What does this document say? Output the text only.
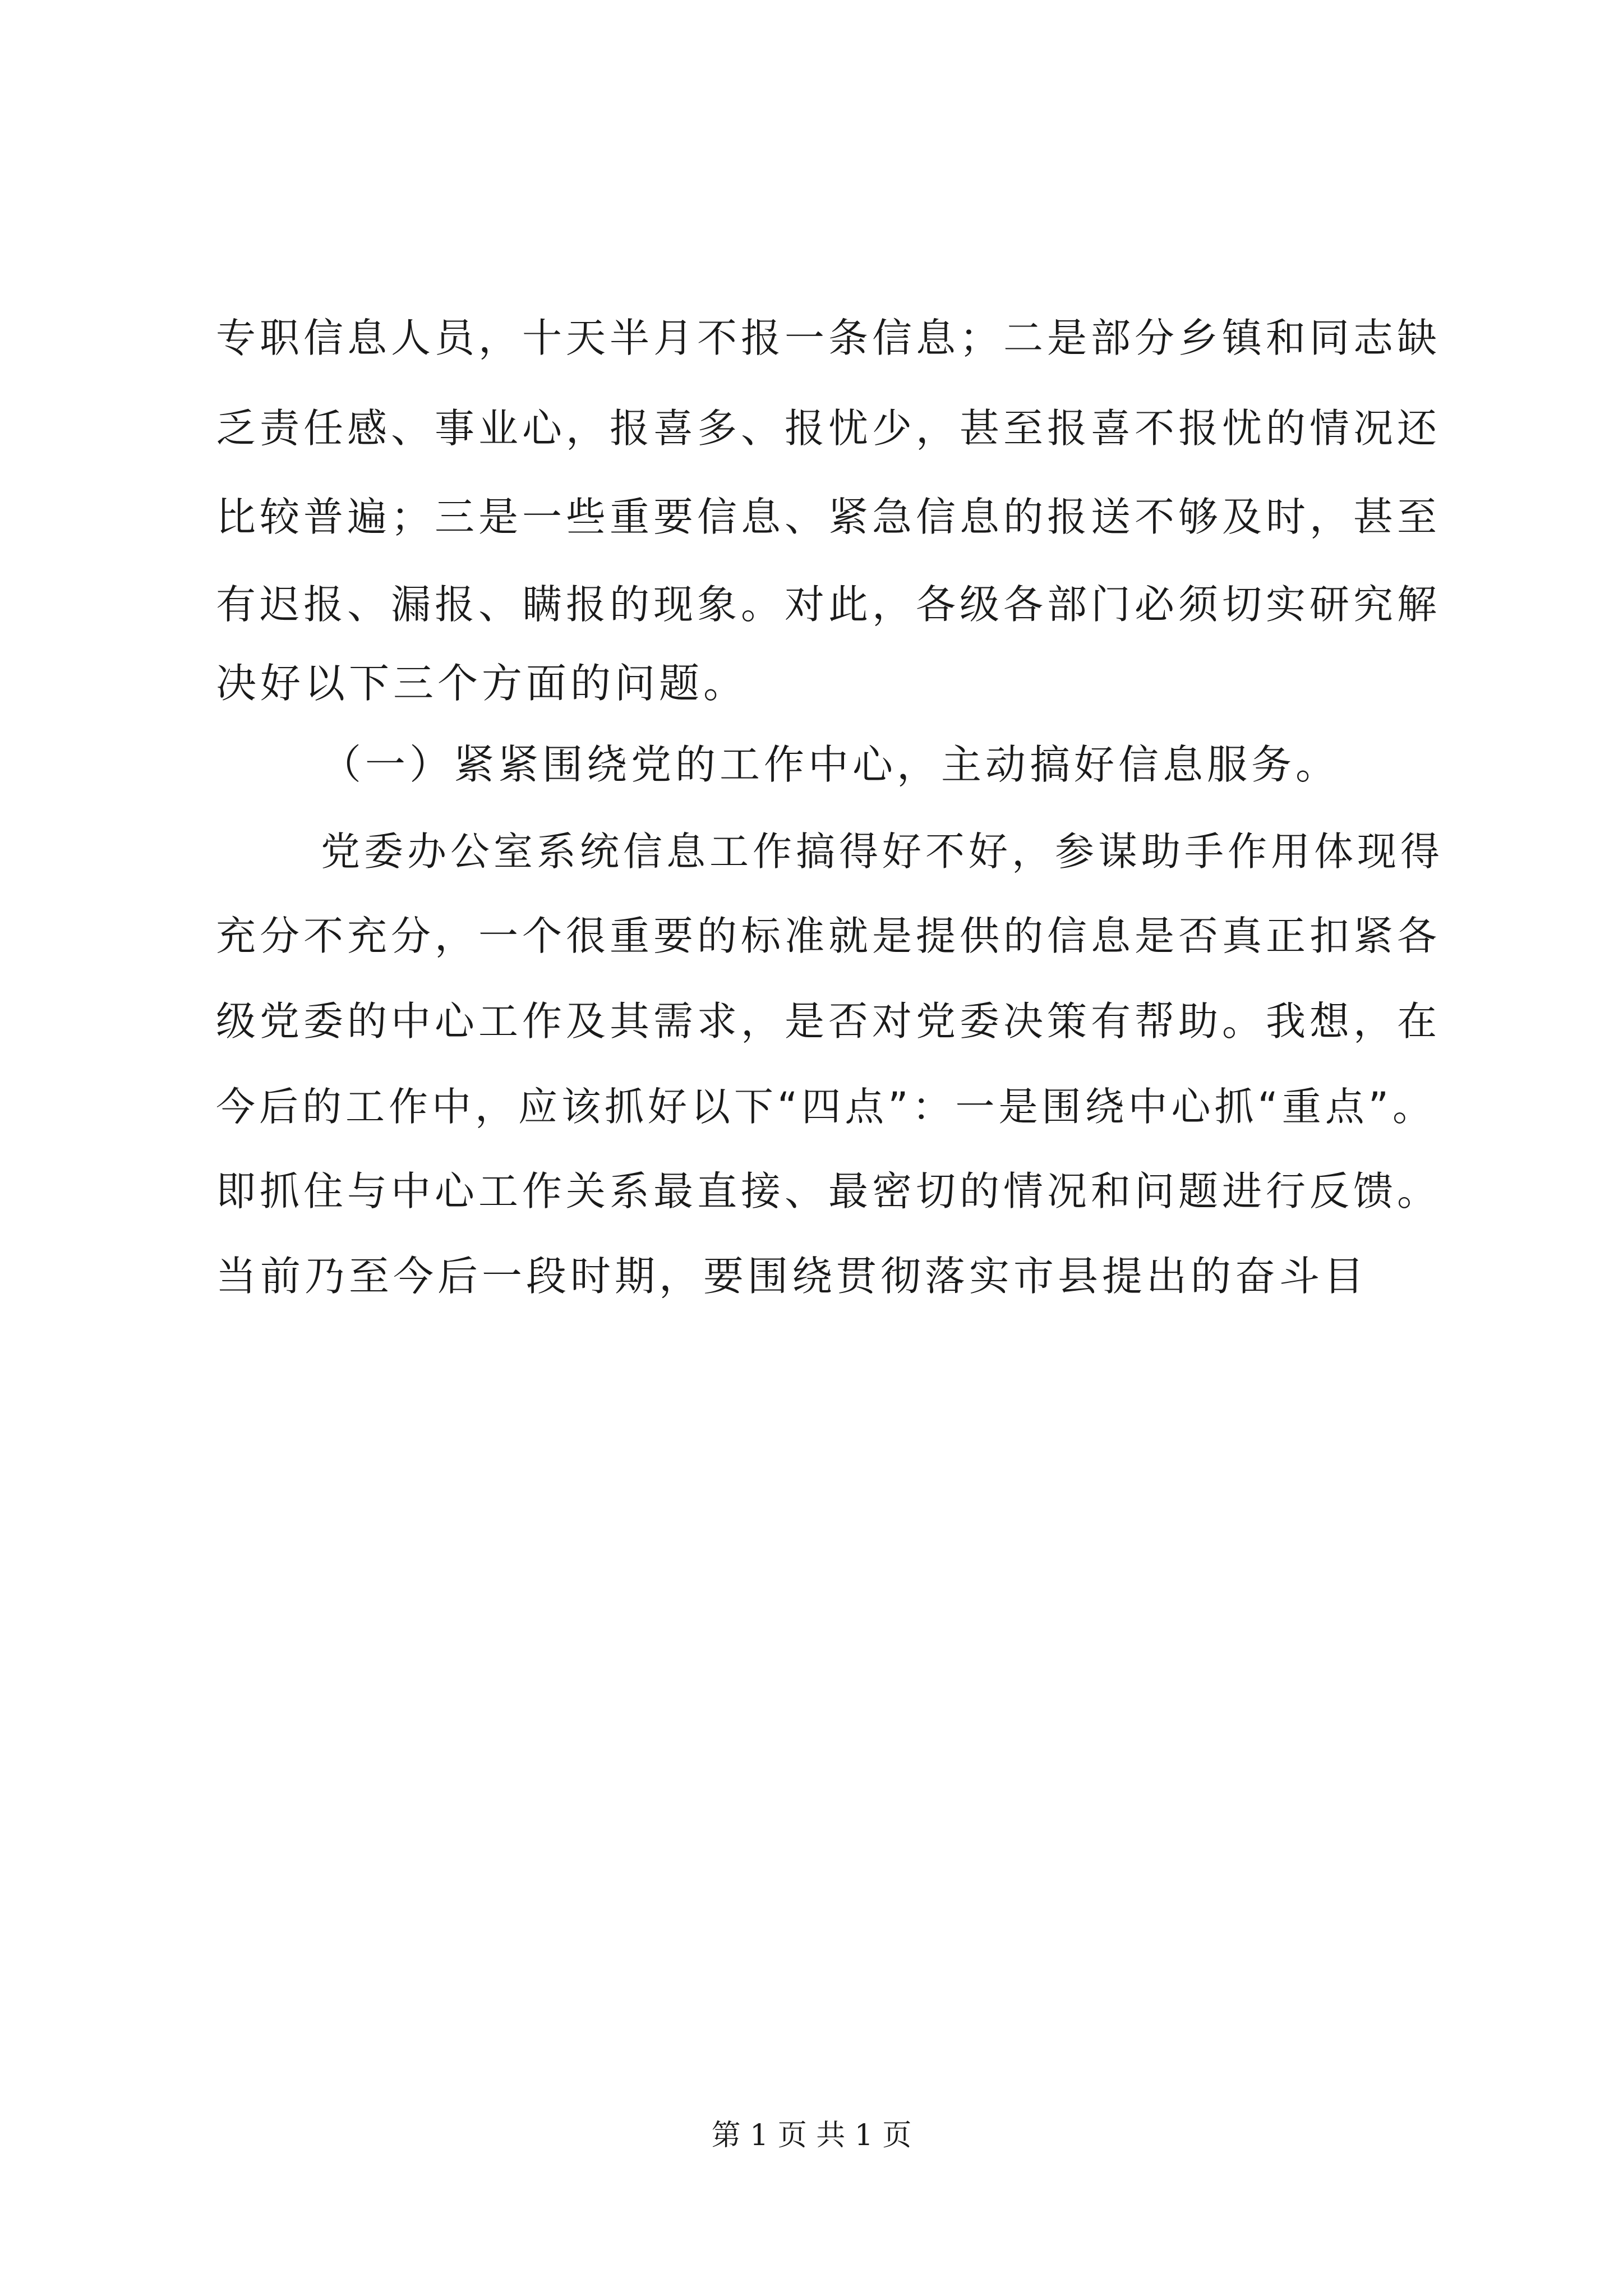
专职信息人员，十天半月不报一条信息；二是部分乡镇和同志缺

乏责任感、事业心，报喜多、报忧少，甚至报喜不报忧的情况还

比较普遍；三是一些重要信息、紧急信息的报送不够及时，甚至

有迟报、漏报、瞒报的现象。对此，各级各部门必须切实研究解

决好以下三个方面的问题。

（一）紧紧围绕党的工作中心，主动搞好信息服务。

党委办公室系统信息工作搞得好不好，参谋助手作用体现得

充分不充分，一个很重要的标准就是提供的信息是否真正扣紧各

级党委的中心工作及其需求，是否对党委决策有帮助。我想，在

今后的工作中，应该抓好以下“四点”：一是围绕中心抓“重点”。

即抓住与中心工作关系最直接、最密切的情况和问题进行反馈。

当前乃至今后一段时期，要围绕贯彻落实市县提出的奋斗目

第 1 页 共 1 页
